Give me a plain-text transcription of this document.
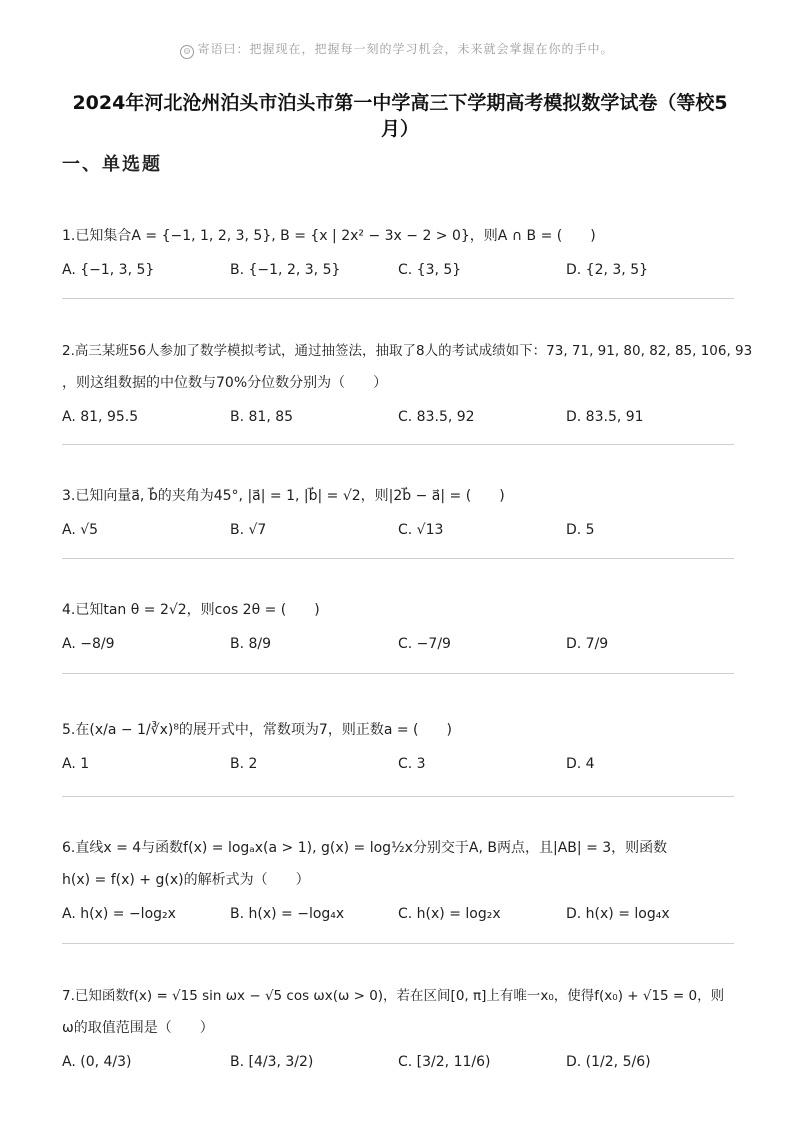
☺ 寄语曰：把握现在，把握每一刻的学习机会，未来就会掌握在你的手中。
2024年河北沧州泊头市泊头市第一中学高三下学期高考模拟数学试卷（等校5月）
一、单选题
1.已知集合A = {−1, 1, 2, 3, 5}, B = {x | 2x² − 3x − 2 > 0}，则A ∩ B = (　　)
A. {−1, 3, 5}	B. {−1, 2, 3, 5}	C. {3, 5}	D. {2, 3, 5}
2.高三某班56人参加了数学模拟考试，通过抽签法，抽取了8人的考试成绩如下：73, 71, 91, 80, 82, 85, 106, 93
，则这组数据的中位数与70%分位数分别为（　　）
A. 81, 95.5	B. 81, 85	C. 83.5, 92	D. 83.5, 91
3.已知向量a⃗, b⃗的夹角为45°, |a⃗| = 1, |b⃗| = √2，则|2b⃗ − a⃗| = (　　)
A. √5	B. √7	C. √13	D. 5
4.已知tan θ = 2√2，则cos 2θ = (　　)
A. −8/9	B. 8/9	C. −7/9	D. 7/9
5.在(x/a − 1/∛x)⁸的展开式中，常数项为7，则正数a = (　　)
A. 1	B. 2	C. 3	D. 4
6.直线x = 4与函数f(x) = logₐx(a > 1), g(x) = log½x分别交于A, B两点，且|AB| = 3，则函数
h(x) = f(x) + g(x)的解析式为（　　）
A. h(x) = −log₂x	B. h(x) = −log₄x	C. h(x) = log₂x	D. h(x) = log₄x
7.已知函数f(x) = √15 sin ωx − √5 cos ωx(ω > 0)，若在区间[0, π]上有唯一x₀，使得f(x₀) + √15 = 0，则
ω的取值范围是（　　）
A. (0, 4/3)	B. [4/3, 3/2)	C. [3/2, 11/6)	D. (1/2, 5/6)
